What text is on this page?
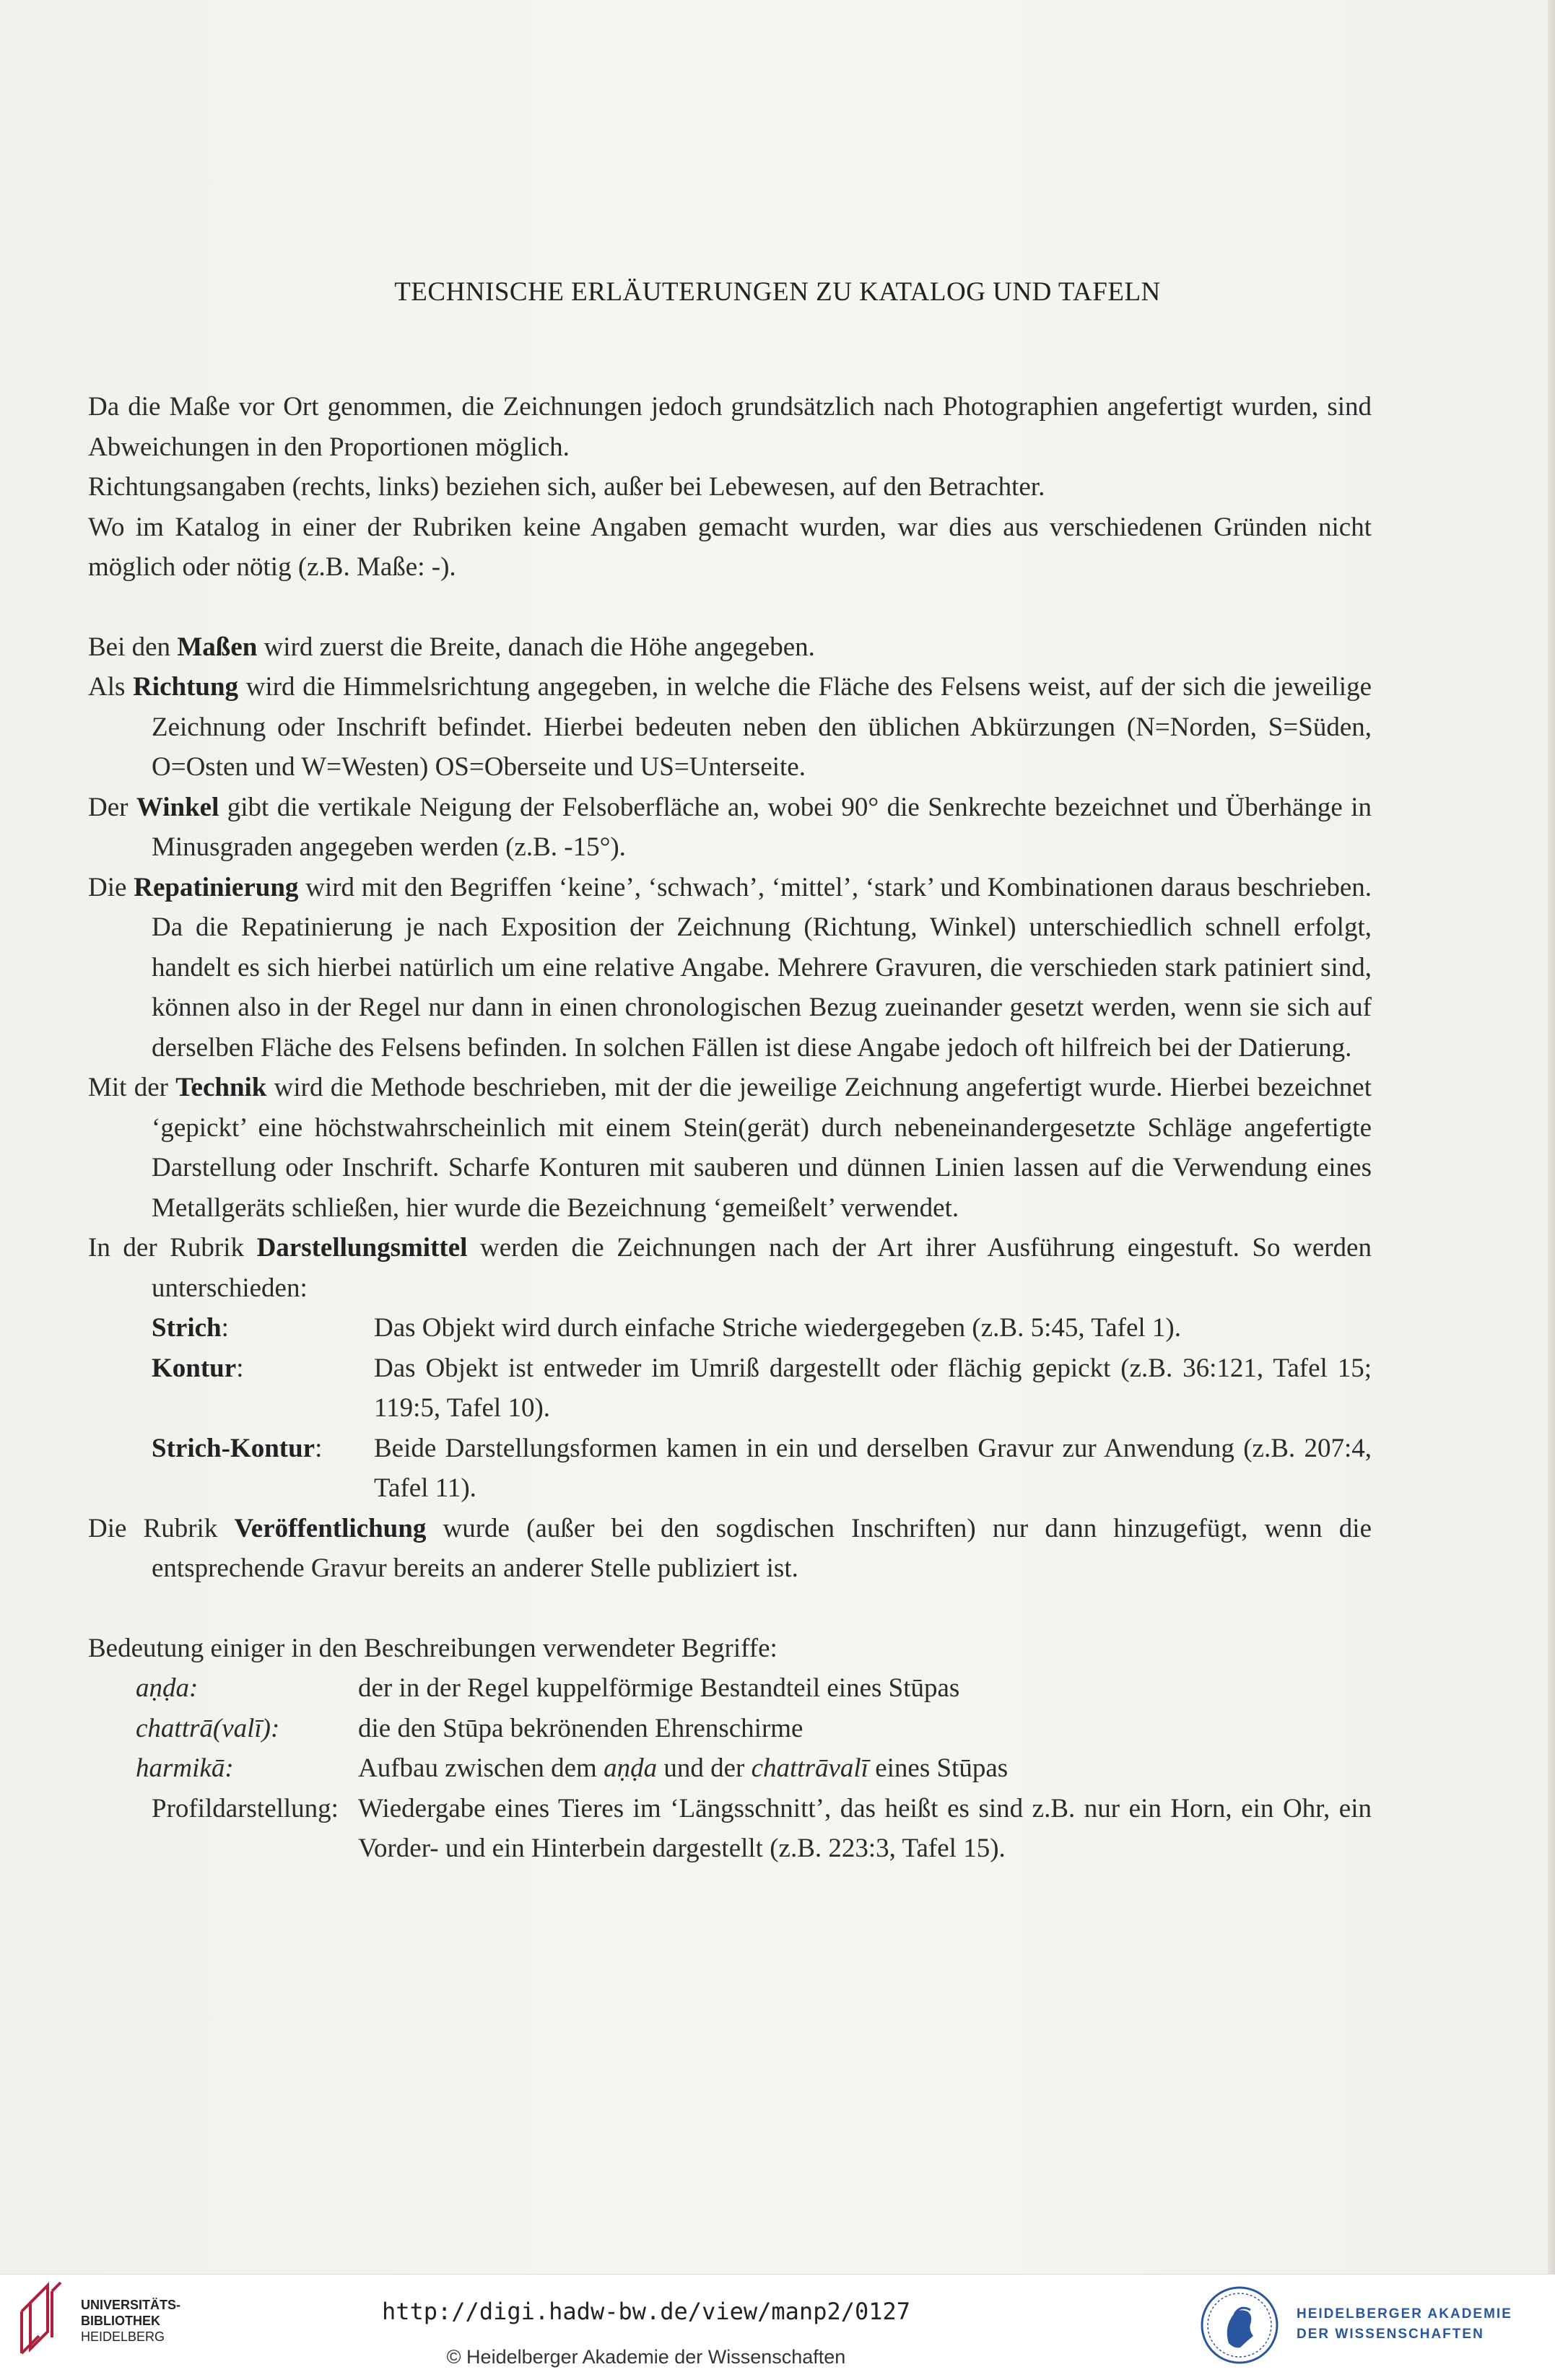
TECHNISCHE ERLÄUTERUNGEN ZU KATALOG UND TAFELN

Da die Maße vor Ort genommen, die Zeichnungen jedoch grundsätzlich nach Photographien angefertigt wurden, sind Abweichungen in den Proportionen möglich.

Richtungsangaben (rechts, links) beziehen sich, außer bei Lebewesen, auf den Betrachter.

Wo im Katalog in einer der Rubriken keine Angaben gemacht wurden, war dies aus verschiedenen Gründen nicht möglich oder nötig (z.B. Maße: -).

Bei den Maßen wird zuerst die Breite, danach die Höhe angegeben.

Als Richtung wird die Himmelsrichtung angegeben, in welche die Fläche des Felsens weist, auf der sich die jeweilige Zeichnung oder Inschrift befindet. Hierbei bedeuten neben den üblichen Abkürzungen (N=Norden, S=Süden, O=Osten und W=Westen) OS=Oberseite und US=Unterseite.

Der Winkel gibt die vertikale Neigung der Felsoberfläche an, wobei 90° die Senkrechte bezeichnet und Überhänge in Minusgraden angegeben werden (z.B. -15°).

Die Repatinierung wird mit den Begriffen ‘keine’, ‘schwach’, ‘mittel’, ‘stark’ und Kombinationen daraus beschrieben. Da die Repatinierung je nach Exposition der Zeichnung (Richtung, Winkel) unterschiedlich schnell erfolgt, handelt es sich hierbei natürlich um eine relative Angabe. Mehrere Gravuren, die verschieden stark patiniert sind, können also in der Regel nur dann in einen chronologischen Bezug zueinander gesetzt werden, wenn sie sich auf derselben Fläche des Felsens befinden. In solchen Fällen ist diese Angabe jedoch oft hilfreich bei der Datierung.

Mit der Technik wird die Methode beschrieben, mit der die jeweilige Zeichnung angefertigt wurde. Hierbei bezeichnet ‘gepickt’ eine höchstwahrscheinlich mit einem Stein(gerät) durch nebeneinandergesetzte Schläge angefertigte Darstellung oder Inschrift. Scharfe Konturen mit sauberen und dünnen Linien lassen auf die Verwendung eines Metallgeräts schließen, hier wurde die Bezeichnung ‘gemeißelt’ verwendet.

In der Rubrik Darstellungsmittel werden die Zeichnungen nach der Art ihrer Ausführung eingestuft. So werden unterschieden:

Strich:	Das Objekt wird durch einfache Striche wiedergegeben (z.B. 5:45, Tafel 1).
Kontur:	Das Objekt ist entweder im Umriß dargestellt oder flächig gepickt (z.B. 36:121, Tafel 15; 119:5, Tafel 10).
Strich-Kontur:	Beide Darstellungsformen kamen in ein und derselben Gravur zur Anwendung (z.B. 207:4, Tafel 11).

Die Rubrik Veröffentlichung wurde (außer bei den sogdischen Inschriften) nur dann hinzugefügt, wenn die entsprechende Gravur bereits an anderer Stelle publiziert ist.

Bedeutung einiger in den Beschreibungen verwendeter Begriffe:

aṇḍa:	der in der Regel kuppelförmige Bestandteil eines Stūpas
chattrā(valī):	die den Stūpa bekrönenden Ehrenschirme
harmikā:	Aufbau zwischen dem aṇḍa und der chattrāvalī eines Stūpas
Profildarstellung: Wiedergabe eines Tieres im ‘Längsschnitt’, das heißt es sind z.B. nur ein Horn, ein Ohr, ein Vorder- und ein Hinterbein dargestellt (z.B. 223:3, Tafel 15).
UNIVERSITÄTS-
BIBLIOTHEK
HEIDELBERG
http://digi.hadw-bw.de/view/manp2/0127
© Heidelberger Akademie der Wissenschaften
HEIDELBERGER AKADEMIE
DER WISSENSCHAFTEN
